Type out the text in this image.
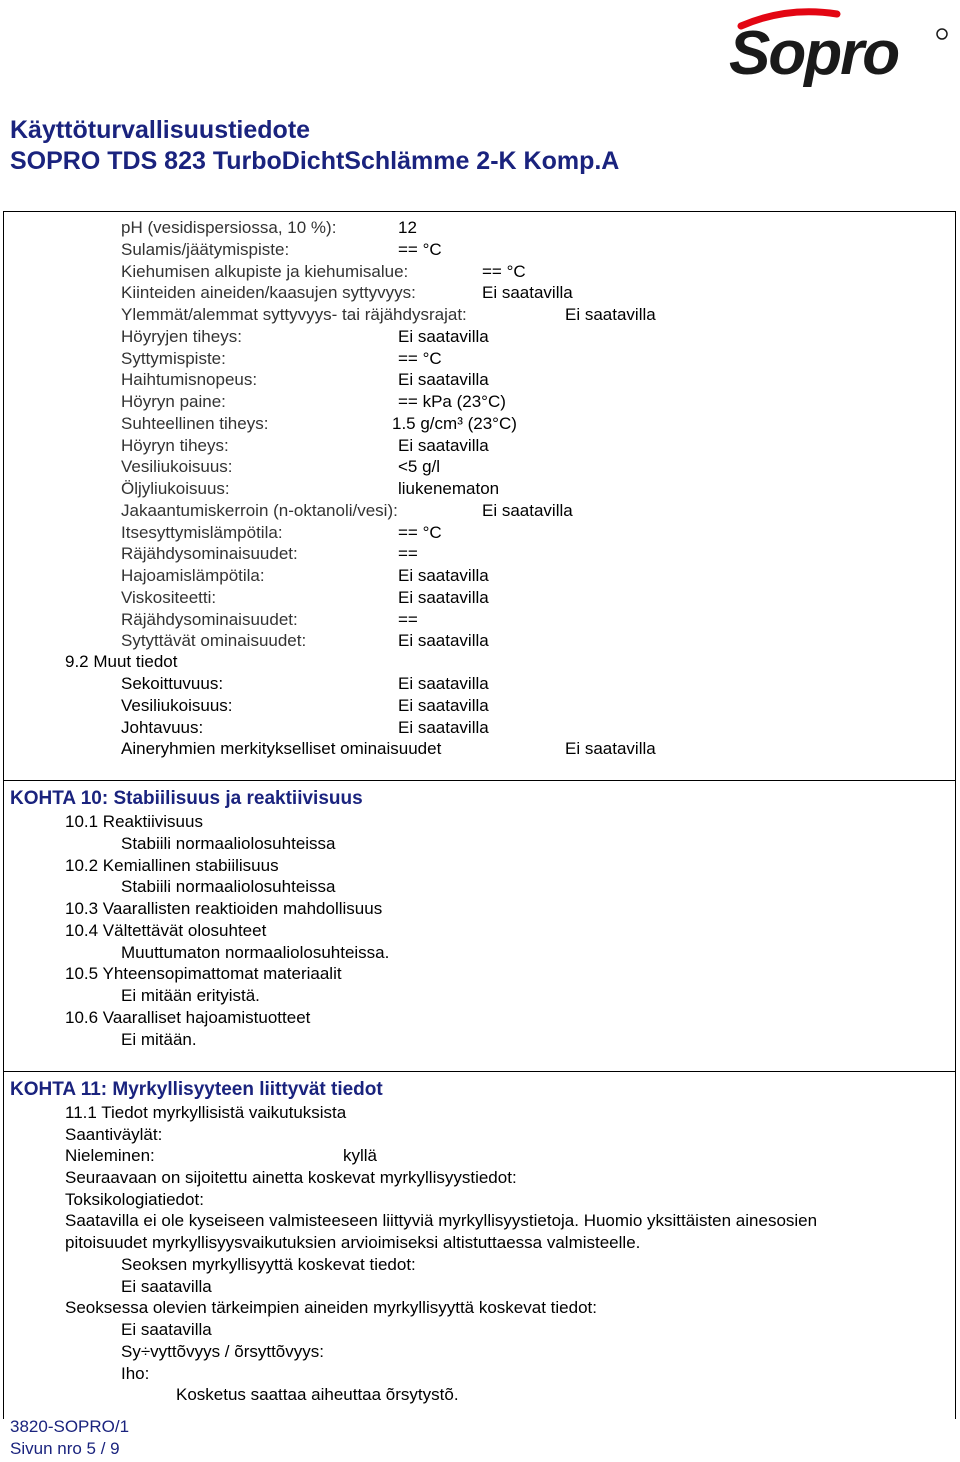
Sopro
Käyttöturvallisuustiedote
SOPRO TDS 823 TurboDichtSchlämme 2-K Komp.A
pH (vesidispersiossa, 10 %):	12
Sulamis/jäätymispiste:	== °C
Kiehumisen alkupiste ja kiehumisalue:	== °C
Kiinteiden aineiden/kaasujen syttyvyys:	Ei saatavilla
Ylemmät/alemmat syttyvyys- tai räjähdysrajat:	Ei saatavilla
Höyryjen tiheys:	Ei saatavilla
Syttymispiste:	== °C
Haihtumisnopeus:	Ei saatavilla
Höyryn paine:	== kPa (23°C)
Suhteellinen tiheys:	1.5 g/cm³ (23°C)
Höyryn tiheys:	Ei saatavilla
Vesiliukoisuus:	<5 g/l
Öljyliukoisuus:	liukenematon
Jakaantumiskerroin (n-oktanoli/vesi):	Ei saatavilla
Itsesyttymislämpötila:	== °C
Räjähdysominaisuudet:	==
Hajoamislämpötila:	Ei saatavilla
Viskositeetti:	Ei saatavilla
Räjähdysominaisuudet:	==
Sytyttävät ominaisuudet:	Ei saatavilla
9.2 Muut tiedot
Sekoittuvuus:	Ei saatavilla
Vesiliukoisuus:	Ei saatavilla
Johtavuus:	Ei saatavilla
Aineryhmien merkitykselliset ominaisuudet	Ei saatavilla
KOHTA 10: Stabiilisuus ja reaktiivisuus
10.1 Reaktiivisuus
Stabiili normaaliolosuhteissa
10.2 Kemiallinen stabiilisuus
Stabiili normaaliolosuhteissa
10.3 Vaarallisten reaktioiden mahdollisuus
10.4 Vältettävät olosuhteet
Muuttumaton normaaliolosuhteissa.
10.5 Yhteensopimattomat materiaalit
Ei mitään erityistä.
10.6 Vaaralliset hajoamistuotteet
Ei mitään.
KOHTA 11: Myrkyllisyyteen liittyvät tiedot
11.1 Tiedot myrkyllisistä vaikutuksista
Saantiväylät:
Nieleminen:	kyllä
Seuraavaan on sijoitettu ainetta koskevat myrkyllisyystiedot:
Toksikologiatiedot:
Saatavilla ei ole kyseiseen valmisteeseen liittyviä myrkyllisyystietoja. Huomio yksittäisten ainesosien
pitoisuudet myrkyllisyysvaikutuksien arvioimiseksi altistuttaessa valmisteelle.
Seoksen myrkyllisyyttä koskevat tiedot:
Ei saatavilla
Seoksessa olevien tärkeimpien aineiden myrkyllisyyttä koskevat tiedot:
Ei saatavilla
Sy÷vyttõvyys / õrsyttõvyys:
Iho:
Kosketus saattaa aiheuttaa õrsytystõ.
3820-SOPRO/1
Sivun nro 5 / 9
